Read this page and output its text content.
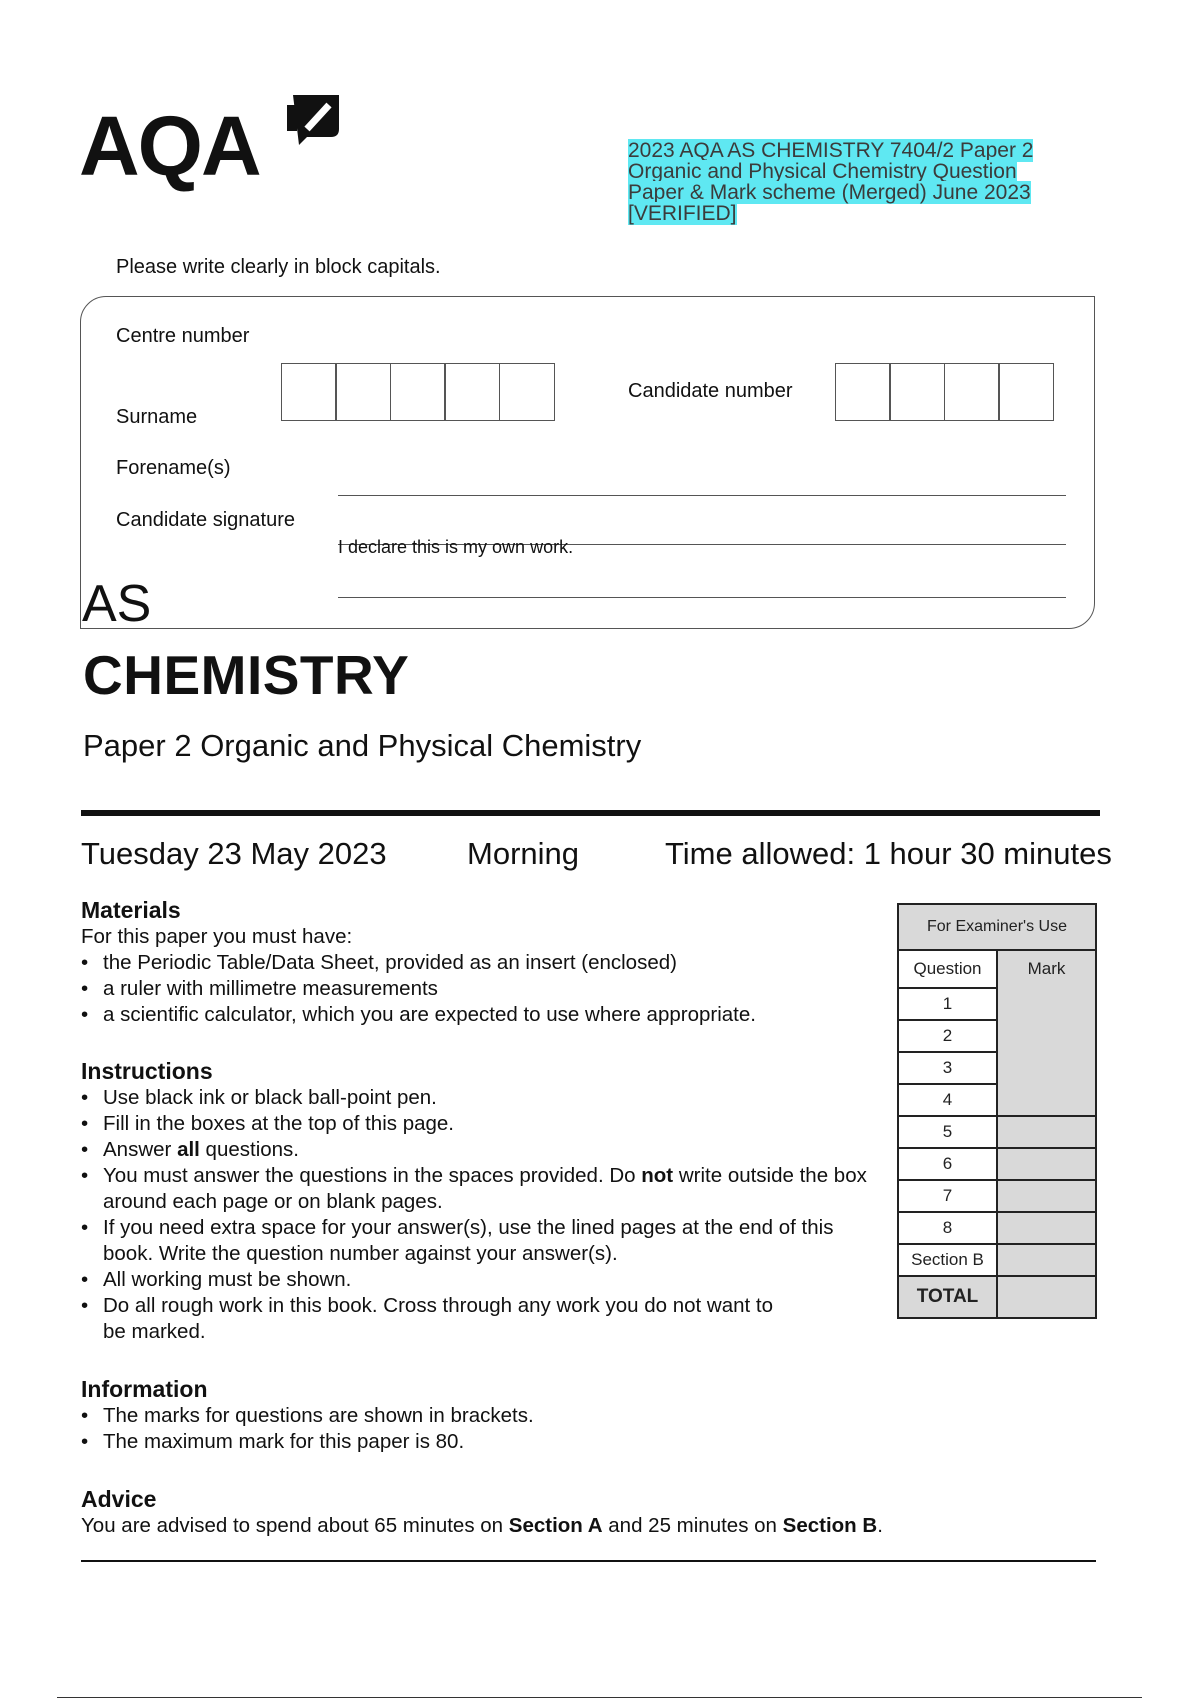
AQA	2023 AQA AS CHEMISTRY 7404/2 Paper 2 Organic and Physical Chemistry Question Paper & Mark scheme (Merged) June 2023 [VERIFIED]
Please write clearly in block capitals.
Centre number
Candidate number
Surname
Forename(s)
Candidate signature
I declare this is my own work.
AS
CHEMISTRY
Paper 2 Organic and Physical Chemistry
Tuesday 23 May 2023	Morning	Time allowed: 1 hour 30 minutes
Materials
For this paper you must have:
• the Periodic Table/Data Sheet, provided as an insert (enclosed)
• a ruler with millimetre measurements
• a scientific calculator, which you are expected to use where appropriate.
Instructions
• Use black ink or black ball-point pen.
• Fill in the boxes at the top of this page.
• Answer all questions.
• You must answer the questions in the spaces provided. Do not write outside the box around each page or on blank pages.
• If you need extra space for your answer(s), use the lined pages at the end of this book. Write the question number against your answer(s).
• All working must be shown.
• Do all rough work in this book. Cross through any work you do not want to be marked.
Information
• The marks for questions are shown in brackets.
• The maximum mark for this paper is 80.
Advice
You are advised to spend about 65 minutes on Section A and 25 minutes on Section B.
For Examiner's Use	
Question	Mark
1	
2	
3	
4	
5	
6	
7	
8	
Section B	
TOTAL	
